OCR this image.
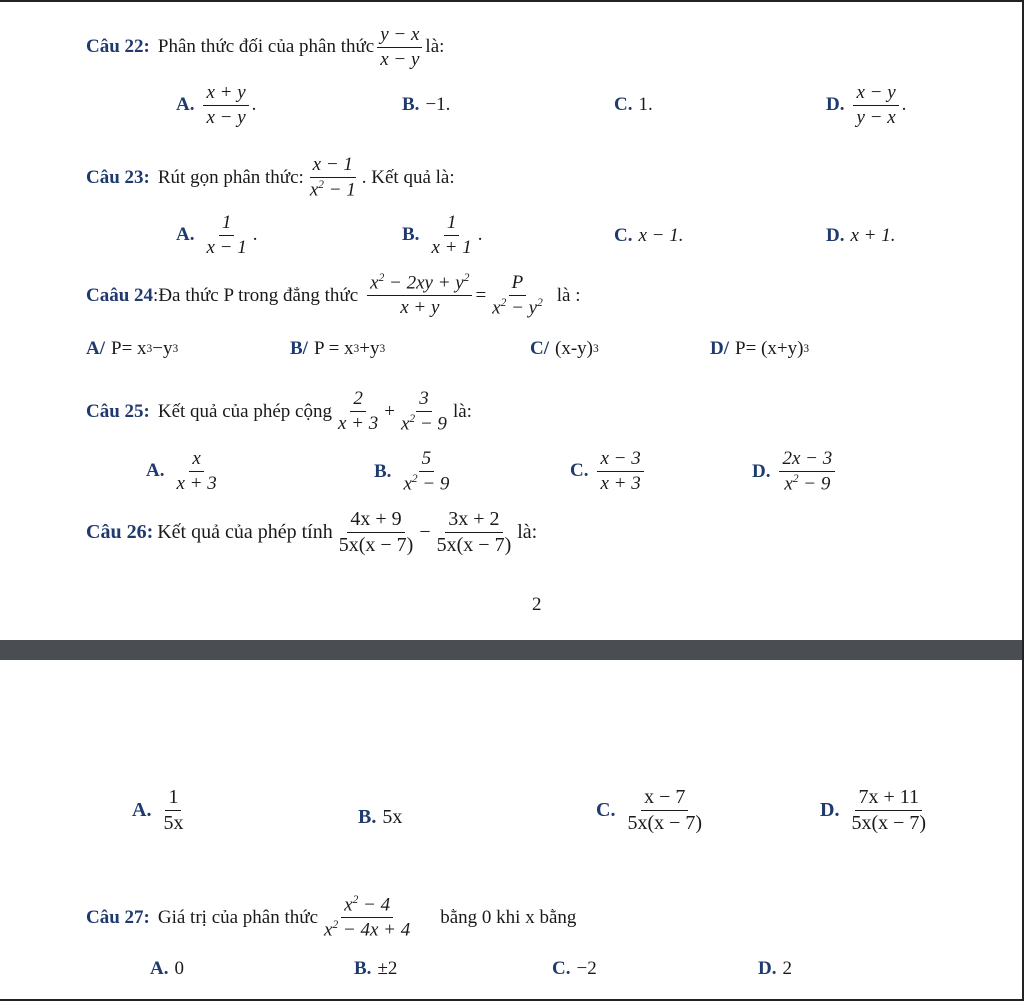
Câu 22: Phân thức đối của phân thức $\frac{y - x}{x - y}$ là:
A. $\frac{x + y}{x - y}$ .	B. −1.	C. 1.	D. $\frac{x - y}{y - x}$ .
Câu 23: Rút gọn phân thức: $\frac{x - 1}{x^2 - 1}$ . Kết quả là:
A. $\frac{1}{x - 1}$ .	B. $\frac{1}{x + 1}$ .	C. x − 1.	D. x + 1.
Caâu 24 :Đa thức P trong đẳng thức $\frac{x^2 - 2xy + y^2}{x + y} = \frac{P}{x^2 - y^2}$ là :
A/ P= x 3 −y 3	B/ P = x 3 +y 3	C/ (x-y) 3	D/ P= (x+y) 3
Câu 25: Kết quả của phép cộng $\frac{2}{x + 3} + \frac{3}{x^2 - 9}$ là:
A. $\frac{x}{x + 3}$	B. $\frac{5}{x^2 - 9}$	C. $\frac{x - 3}{x + 3}$	D. $\frac{2x - 3}{x^2 - 9}$
Câu 26: Kết quả của phép tính $\frac{4x + 9}{5x(x - 7)} - \frac{3x + 2}{5x(x - 7)}$ là:
2
A. $\frac{1}{5x}$	B. 5x	C. $\frac{x - 7}{5x(x - 7)}$	D. $\frac{7x + 11}{5x(x - 7)}$
Câu 27: Giá trị của phân thức $\frac{x^2 - 4}{x^2 - 4x + 4}$ bằng 0 khi x bằng
A. 0	B. ±2	C. −2	D. 2
